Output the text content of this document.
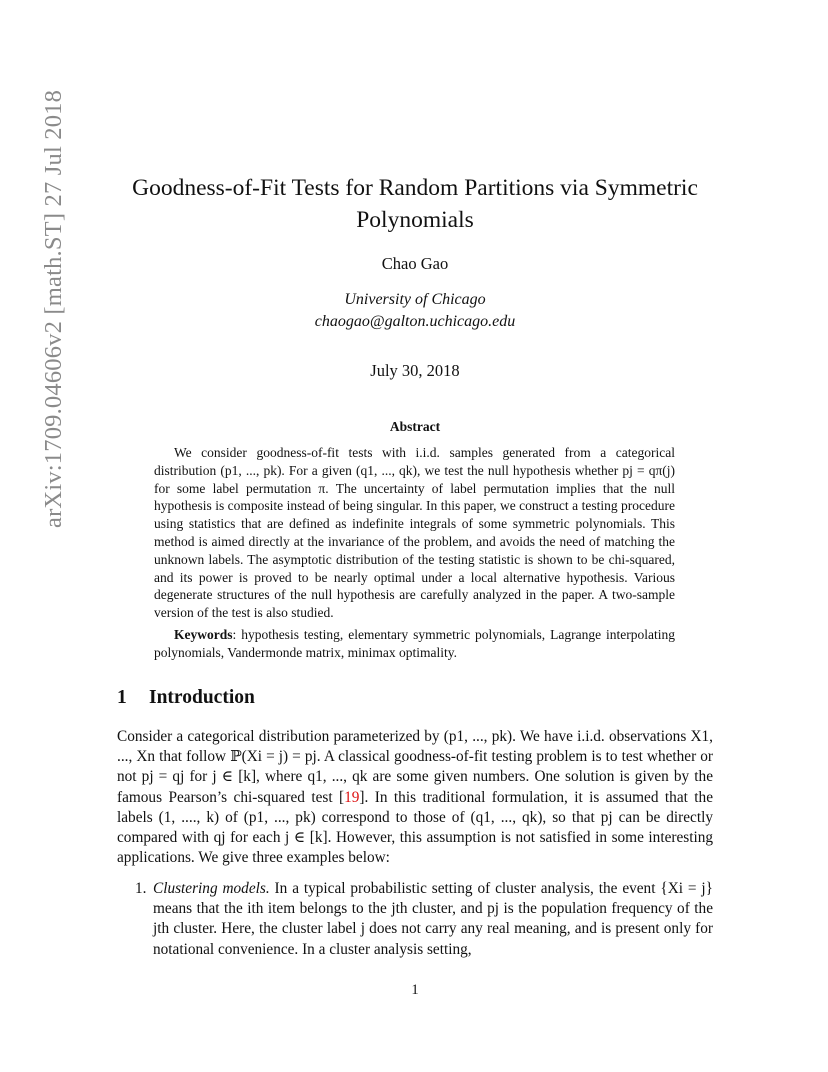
arXiv:1709.04606v2 [math.ST] 27 Jul 2018	Goodness-of-Fit Tests for Random Partitions via Symmetric Polynomials
Chao Gao
University of Chicago
chaogao@galton.uchicago.edu
July 30, 2018
Abstract
We consider goodness-of-fit tests with i.i.d. samples generated from a categorical distribution (p1, ..., pk). For a given (q1, ..., qk), we test the null hypothesis whether pj = qπ(j) for some label permutation π. The uncertainty of label permutation implies that the null hypothesis is composite instead of being singular. In this paper, we construct a testing procedure using statistics that are defined as indefinite integrals of some symmetric polynomials. This method is aimed directly at the invariance of the problem, and avoids the need of matching the unknown labels. The asymptotic distribution of the testing statistic is shown to be chi-squared, and its power is proved to be nearly optimal under a local alternative hypothesis. Various degenerate structures of the null hypothesis are carefully analyzed in the paper. A two-sample version of the test is also studied.
Keywords: hypothesis testing, elementary symmetric polynomials, Lagrange interpolating polynomials, Vandermonde matrix, minimax optimality.
1 Introduction
Consider a categorical distribution parameterized by (p1, ..., pk). We have i.i.d. observations X1, ..., Xn that follow ℙ(Xi = j) = pj. A classical goodness-of-fit testing problem is to test whether or not pj = qj for j ∈ [k], where q1, ..., qk are some given numbers. One solution is given by the famous Pearson’s chi-squared test [19]. In this traditional formulation, it is assumed that the labels (1, ...., k) of (p1, ..., pk) correspond to those of (q1, ..., qk), so that pj can be directly compared with qj for each j ∈ [k]. However, this assumption is not satisfied in some interesting applications. We give three examples below:
1. Clustering models. In a typical probabilistic setting of cluster analysis, the event {Xi = j} means that the ith item belongs to the jth cluster, and pj is the population frequency of the jth cluster. Here, the cluster label j does not carry any real meaning, and is present only for notational convenience. In a cluster analysis setting,
1
